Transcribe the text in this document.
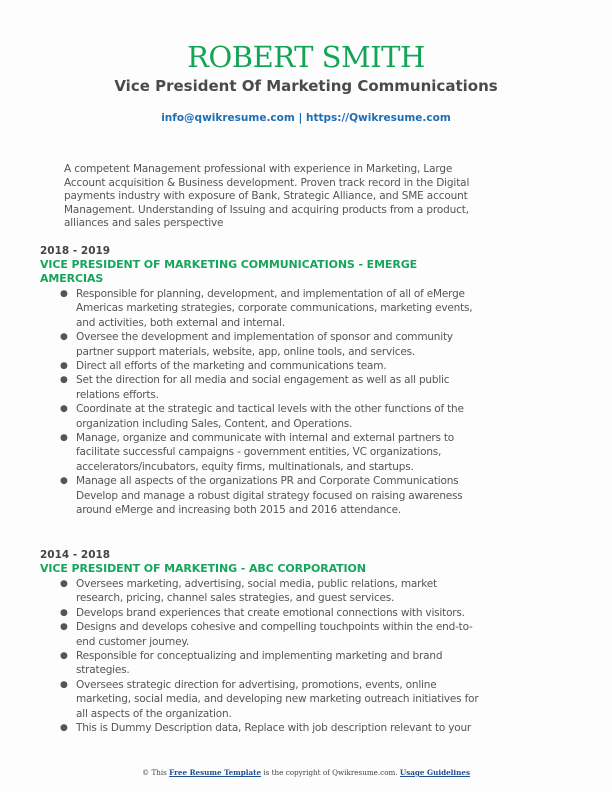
ROBERT SMITH
Vice President Of Marketing Communications
info@qwikresume.com | https://Qwikresume.com
A competent Management professional with experience in Marketing, Large
Account acquisition & Business development. Proven track record in the Digital
payments industry with exposure of Bank, Strategic Alliance, and SME account
Management. Understanding of Issuing and acquiring products from a product,
alliances and sales perspective
2018 - 2019
VICE PRESIDENT OF MARKETING COMMUNICATIONS - EMERGE
AMERCIAS
● Responsible for planning, development, and implementation of all of eMerge
Americas marketing strategies, corporate communications, marketing events,
and activities, both external and internal.
● Oversee the development and implementation of sponsor and community
partner support materials, website, app, online tools, and services.
● Direct all efforts of the marketing and communications team.
● Set the direction for all media and social engagement as well as all public
relations efforts.
● Coordinate at the strategic and tactical levels with the other functions of the
organization including Sales, Content, and Operations.
● Manage, organize and communicate with internal and external partners to
facilitate successful campaigns - government entities, VC organizations,
accelerators/incubators, equity firms, multinationals, and startups.
● Manage all aspects of the organizations PR and Corporate Communications
Develop and manage a robust digital strategy focused on raising awareness
around eMerge and increasing both 2015 and 2016 attendance.
2014 - 2018
VICE PRESIDENT OF MARKETING - ABC CORPORATION
● Oversees marketing, advertising, social media, public relations, market
research, pricing, channel sales strategies, and guest services.
● Develops brand experiences that create emotional connections with visitors.
● Designs and develops cohesive and compelling touchpoints within the end-to-
end customer journey.
● Responsible for conceptualizing and implementing marketing and brand
strategies.
● Oversees strategic direction for advertising, promotions, events, online
marketing, social media, and developing new marketing outreach initiatives for
all aspects of the organization.
● This is Dummy Description data, Replace with job description relevant to your
© This Free Resume Template is the copyright of Qwikresume.com. Usage Guidelines
